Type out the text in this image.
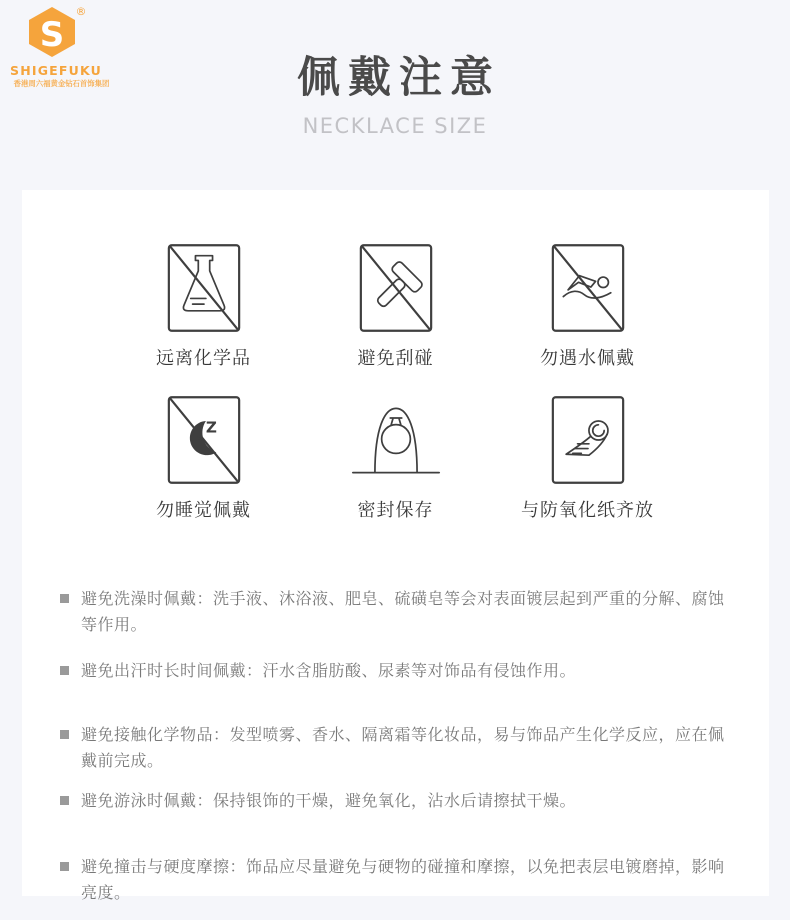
S
®
SHIGEFUKU
香港周六福黄金钻石首饰集团	佩戴注意
NECKLACE SIZE
远离化学品	避免刮碰	勿遇水佩戴
Z
z
勿睡觉佩戴	密封保存	与防氧化纸齐放
避免洗澡时佩戴：洗手液、沐浴液、肥皂、硫磺皂等会对表面镀层起到严重的分解、腐蚀等作用。
避免出汗时长时间佩戴：汗水含脂肪酸、尿素等对饰品有侵蚀作用。
避免接触化学物品：发型喷雾、香水、隔离霜等化妆品，易与饰品产生化学反应，应在佩戴前完成。
避免游泳时佩戴：保持银饰的干燥，避免氧化，沾水后请擦拭干燥。
避免撞击与硬度摩擦：饰品应尽量避免与硬物的碰撞和摩擦，以免把表层电镀磨掉，影响亮度。
